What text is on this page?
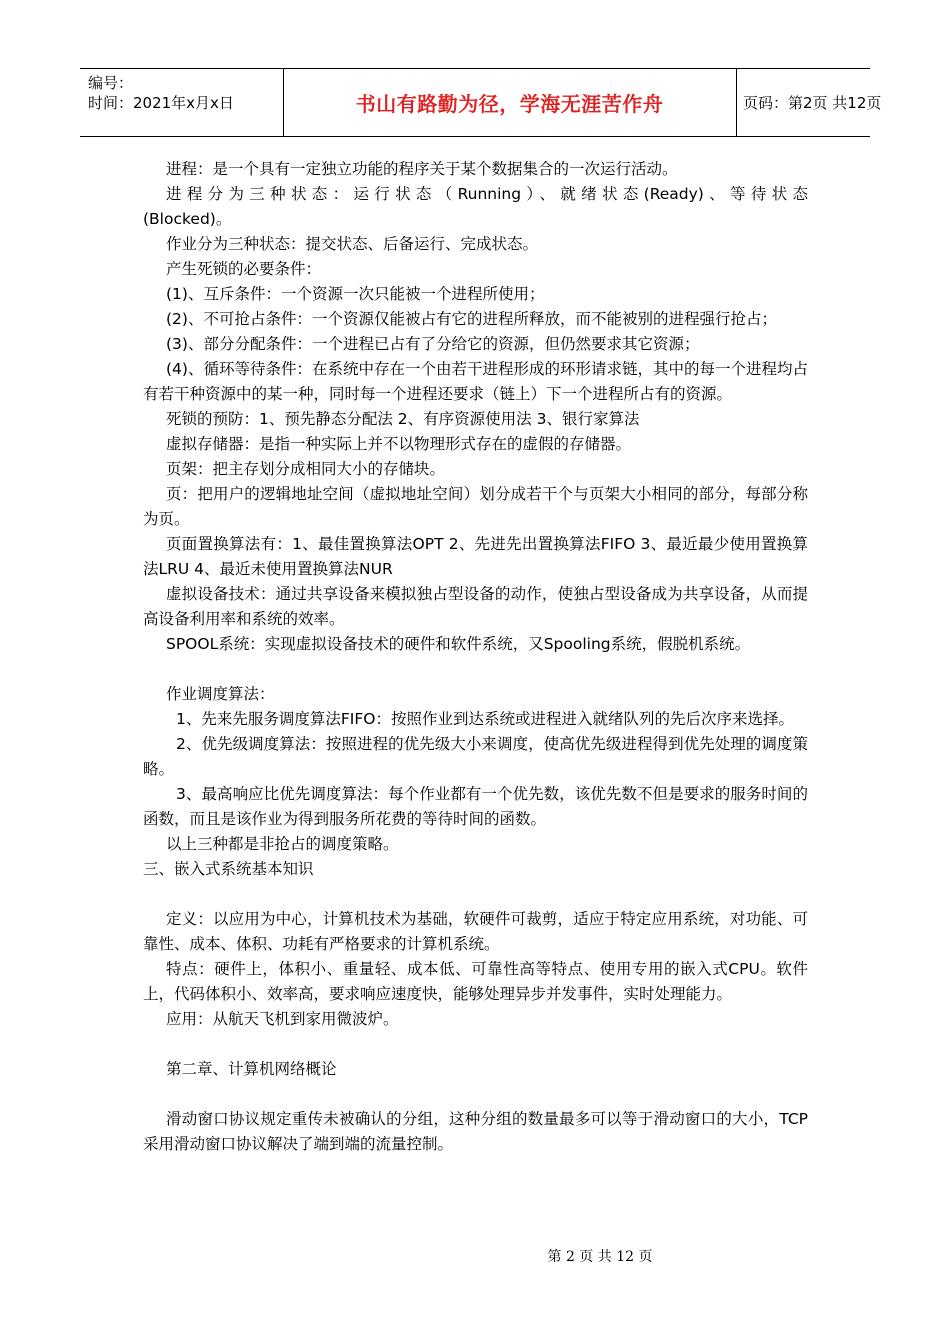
编号：
时间：2021年x月x日	书山有路勤为径，学海无涯苦作舟	页码：第2页 共12页

进程：是一个具有一定独立功能的程序关于某个数据集合的一次运行活动。

进程分为三种状态：运行状态（Running）、就绪状态(Ready)、等待状态

(Blocked)。

作业分为三种状态：提交状态、后备运行、完成状态。

产生死锁的必要条件：

(1)、互斥条件：一个资源一次只能被一个进程所使用；

(2)、不可抢占条件：一个资源仅能被占有它的进程所释放，而不能被别的进程强行抢占；

(3)、部分分配条件：一个进程已占有了分给它的资源，但仍然要求其它资源；

(4)、循环等待条件：在系统中存在一个由若干进程形成的环形请求链，其中的每一个进程均占有若干种资源中的某一种，同时每一个进程还要求（链上）下一个进程所占有的资源。

死锁的预防：1、预先静态分配法 2、有序资源使用法 3、银行家算法

虚拟存储器：是指一种实际上并不以物理形式存在的虚假的存储器。

页架：把主存划分成相同大小的存储块。

页：把用户的逻辑地址空间（虚拟地址空间）划分成若干个与页架大小相同的部分，每部分称为页。

页面置换算法有：1、最佳置换算法OPT 2、先进先出置换算法FIFO 3、最近最少使用置换算法LRU 4、最近未使用置换算法NUR

虚拟设备技术：通过共享设备来模拟独占型设备的动作，使独占型设备成为共享设备，从而提高设备利用率和系统的效率。

SPOOL系统：实现虚拟设备技术的硬件和软件系统，又Spooling系统，假脱机系统。

作业调度算法：

1、先来先服务调度算法FIFO：按照作业到达系统或进程进入就绪队列的先后次序来选择。

2、优先级调度算法：按照进程的优先级大小来调度，使高优先级进程得到优先处理的调度策略。

3、最高响应比优先调度算法：每个作业都有一个优先数，该优先数不但是要求的服务时间的函数，而且是该作业为得到服务所花费的等待时间的函数。

以上三种都是非抢占的调度策略。

三、嵌入式系统基本知识

定义：以应用为中心，计算机技术为基础，软硬件可裁剪，适应于特定应用系统，对功能、可靠性、成本、体积、功耗有严格要求的计算机系统。

特点：硬件上，体积小、重量轻、成本低、可靠性高等特点、使用专用的嵌入式CPU。软件上，代码体积小、效率高，要求响应速度快，能够处理异步并发事件，实时处理能力。

应用：从航天飞机到家用微波炉。

第二章、计算机网络概论

滑动窗口协议规定重传未被确认的分组，这种分组的数量最多可以等于滑动窗口的大小，TCP采用滑动窗口协议解决了端到端的流量控制。

第 2 页 共 12 页
